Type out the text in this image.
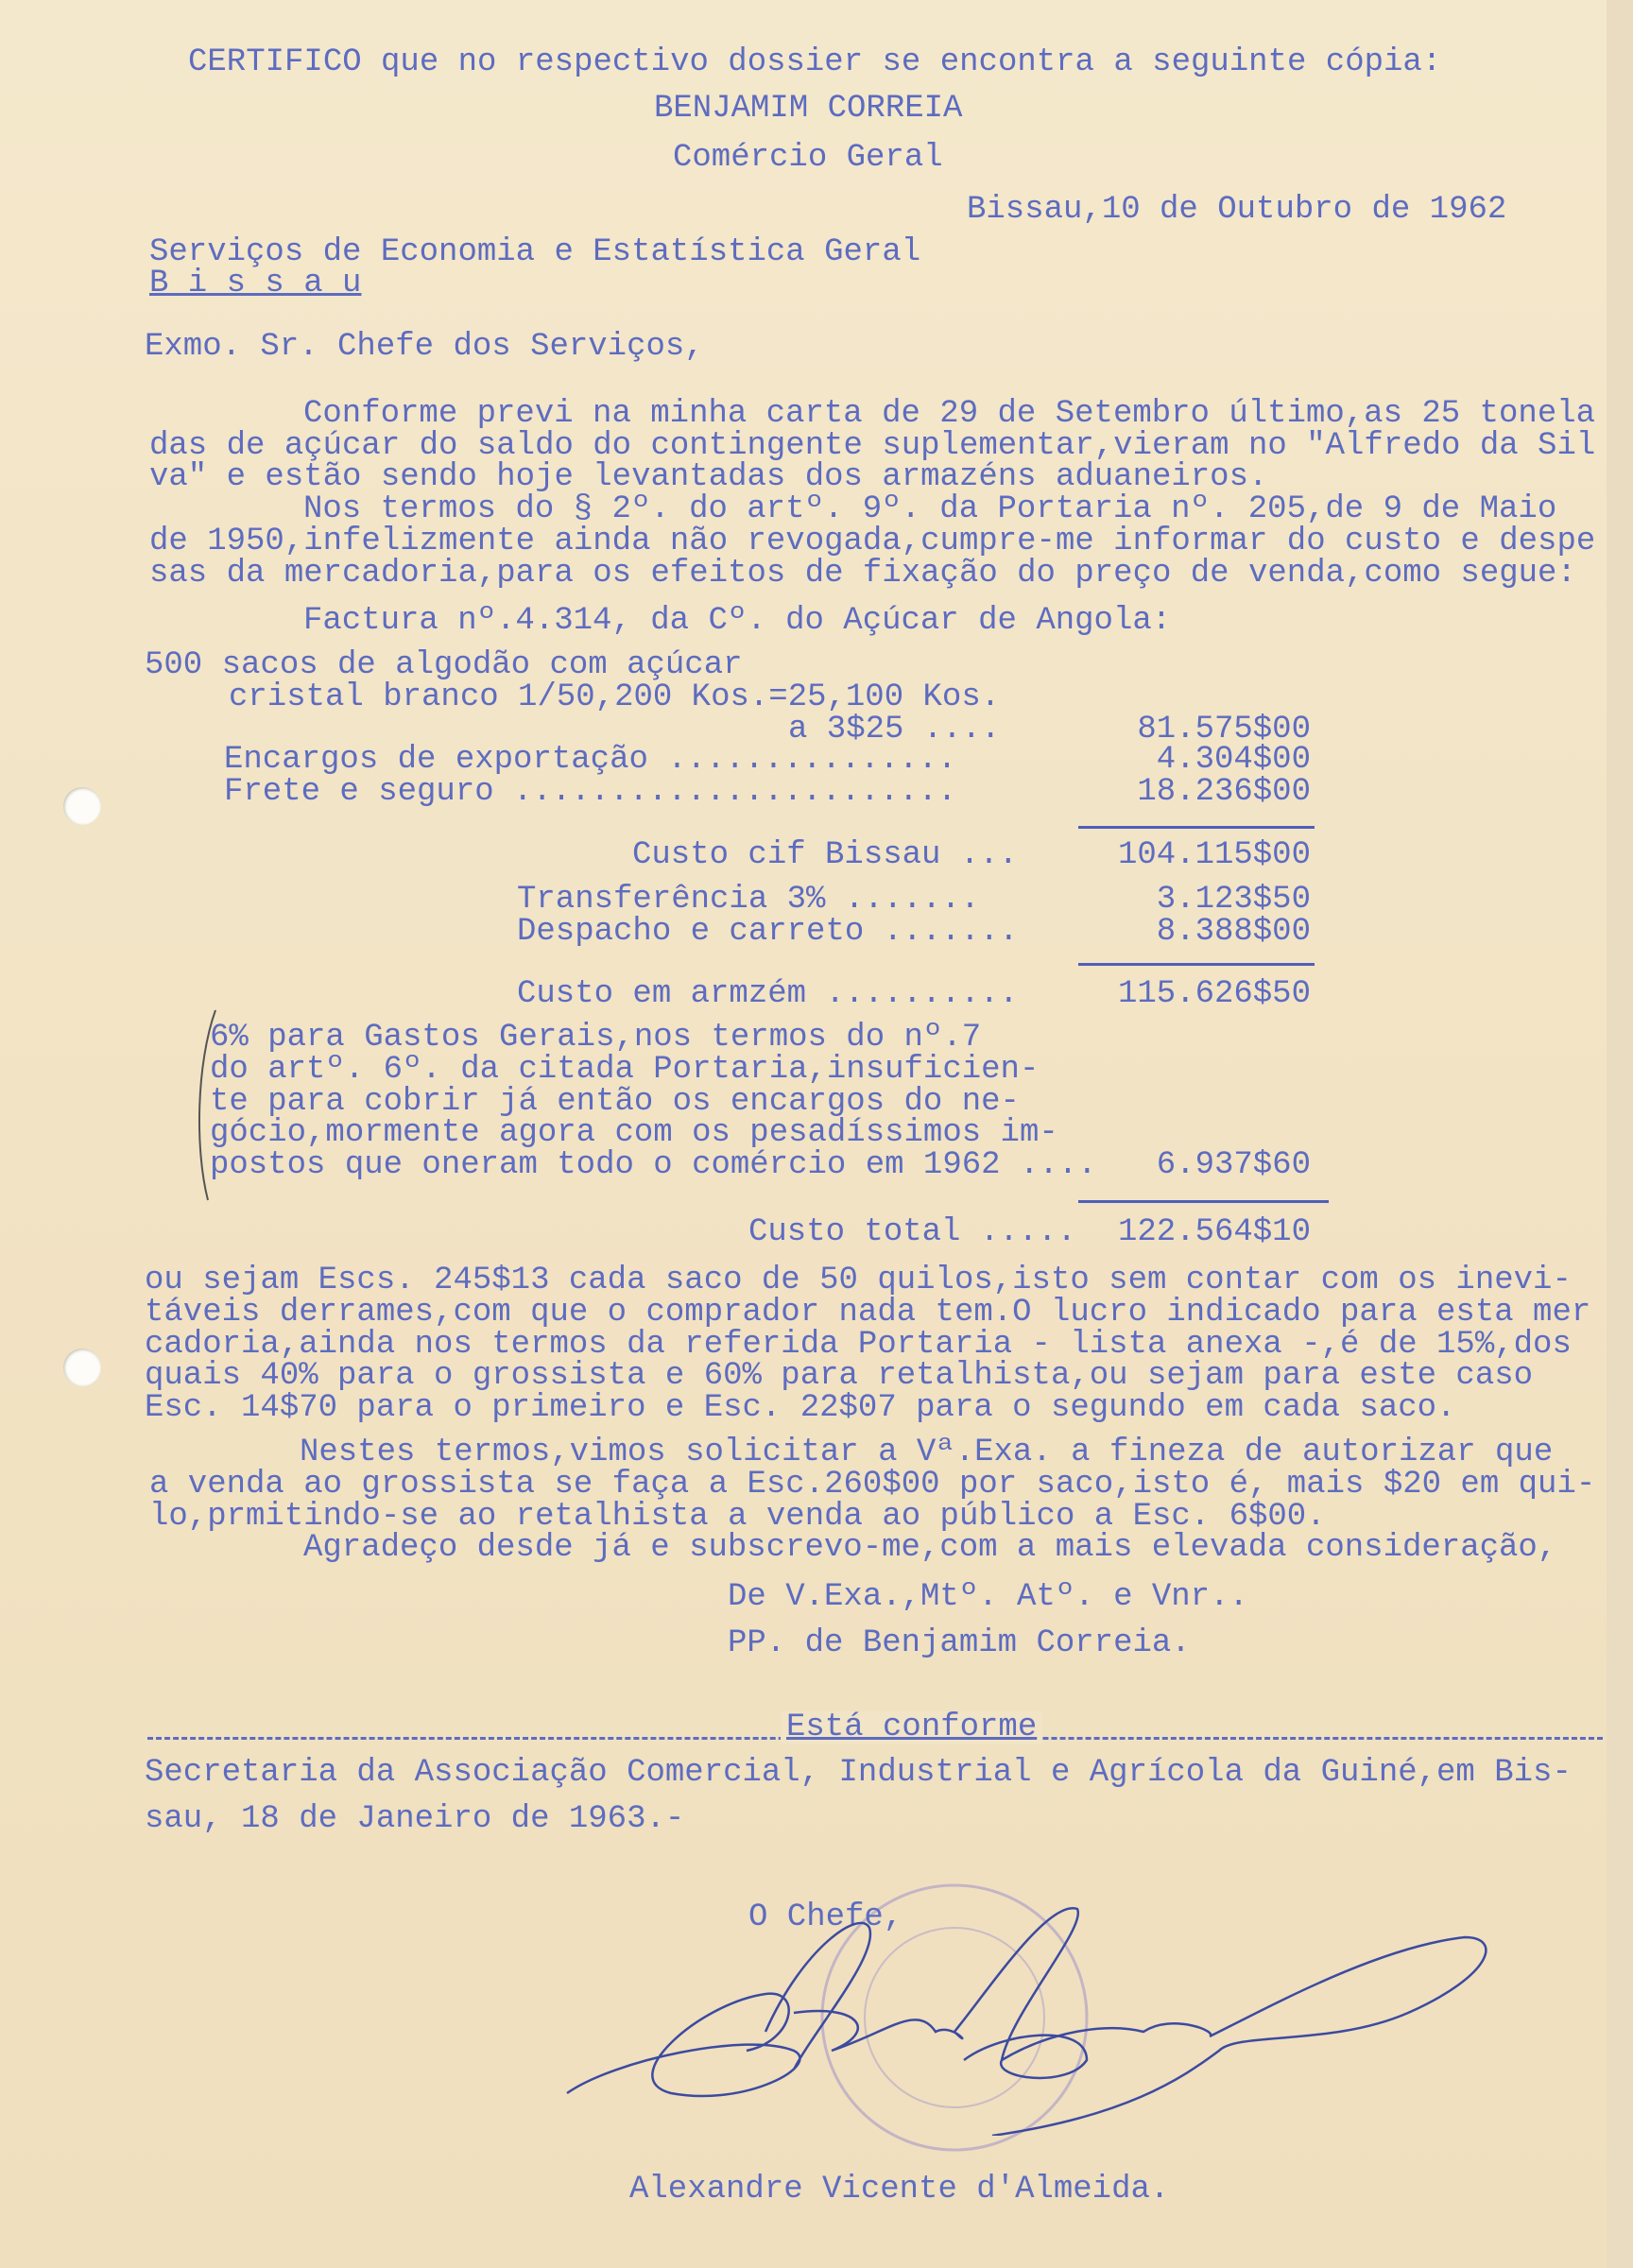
CERTIFICO que no respectivo dossier se encontra a seguinte cópia:
BENJAMIM CORREIA
Comércio Geral
Bissau,10 de Outubro de 1962
Serviços de Economia e Estatística Geral
B i s s a u
Exmo. Sr. Chefe dos Serviços,
Conforme previ na minha carta de 29 de Setembro último,as 25 tonela
das de açúcar do saldo do contingente suplementar,vieram no "Alfredo da Sil
va" e estão sendo hoje levantadas dos armazéns aduaneiros.
Nos termos do § 2º. do artº. 9º. da Portaria nº. 205,de 9 de Maio
de 1950,infelizmente ainda não revogada,cumpre-me informar do custo e despe
sas da mercadoria,para os efeitos de fixação do preço de venda,como segue:
Factura nº.4.314, da Cº. do Açúcar de Angola:
500 sacos de algodão com açúcar
cristal branco 1/50,200 Kos.=25,100 Kos.
a 3$25 ....	81.575$00
Encargos de exportação ...............	4.304$00
Frete e seguro .......................	18.236$00
Custo cif Bissau ...	104.115$00
Transferência 3% .......	3.123$50
Despacho e carreto .......	8.388$00
Custo em armzém ..........	115.626$50
6% para Gastos Gerais,nos termos do nº.7
do artº. 6º. da citada Portaria,insuficien-
te para cobrir já então os encargos do ne-
gócio,mormente agora com os pesadíssimos im-
postos que oneram todo o comércio em 1962 .... 6.937$60
Custo total ..... 122.564$10
ou sejam Escs. 245$13 cada saco de 50 quilos,isto sem contar com os inevi-
táveis derrames,com que o comprador nada tem.O lucro indicado para esta mer
cadoria,ainda nos termos da referida Portaria - lista anexa -,é de 15%,dos
quais 40% para o grossista e 60% para retalhista,ou sejam para este caso
Esc. 14$70 para o primeiro e Esc. 22$07 para o segundo em cada saco.
Nestes termos,vimos solicitar a Vª.Exa. a fineza de autorizar que
a venda ao grossista se faça a Esc.260$00 por saco,isto é, mais $20 em qui-
lo,prmitindo-se ao retalhista a venda ao público a Esc. 6$00.
Agradeço desde já e subscrevo-me,com a mais elevada consideração,
De V.Exa.,Mtº. Atº. e Vnr..
PP. de Benjamim Correia.
Está conforme
Secretaria da Associação Comercial, Industrial e Agrícola da Guiné,em Bis-
sau, 18 de Janeiro de 1963.-
O Chefe,
Alexandre Vicente d'Almeida.
